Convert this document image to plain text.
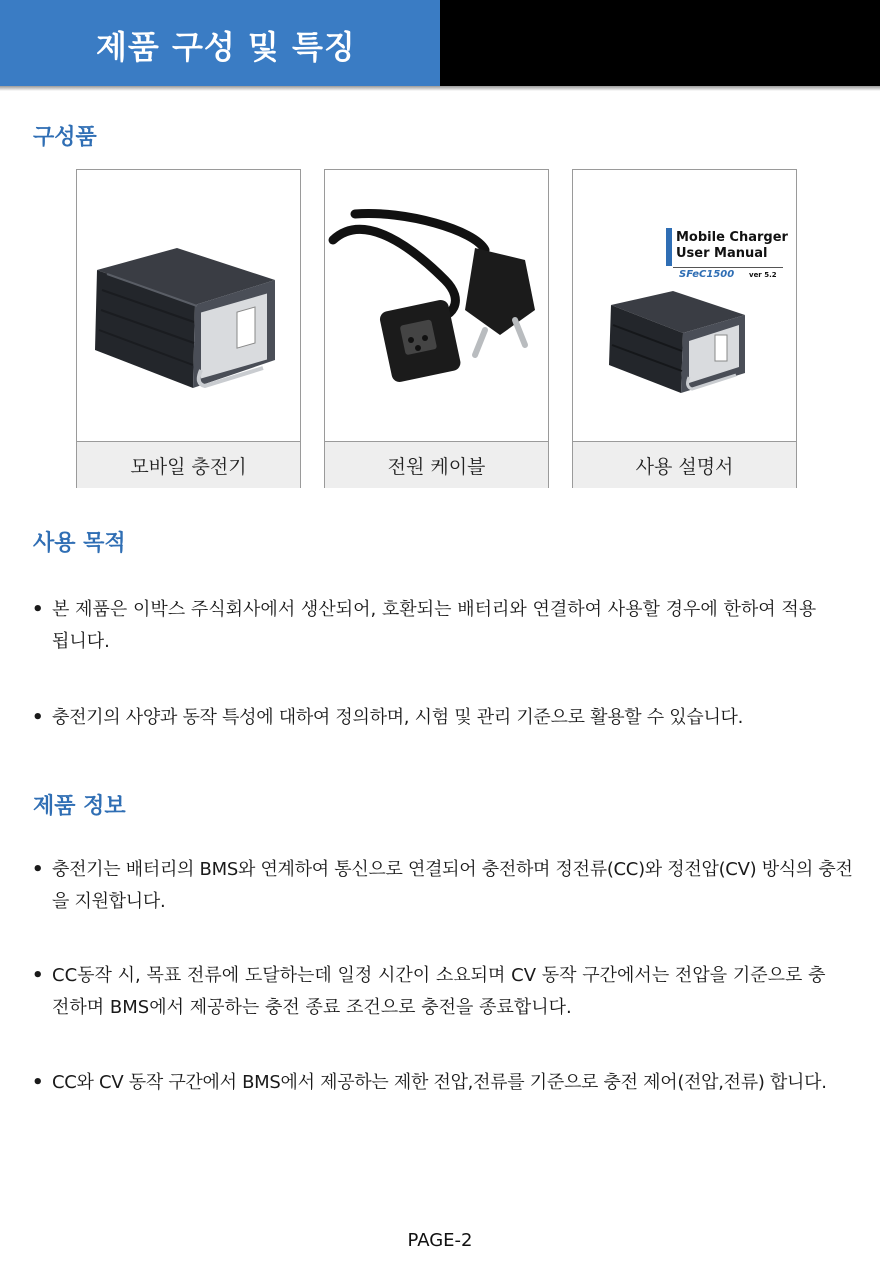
제품 구성 및 특징
구성품
모바일 충전기	전원 케이블
Mobile Charger
User Manual
SFeC1500 ver 5.2
사용 설명서
사용 목적

• 본 제품은 이박스 주식회사에서 생산되어, 호환되는 배터리와 연결하여 사용할 경우에 한하여 적용됩니다.

• 충전기의 사양과 동작 특성에 대하여 정의하며, 시험 및 관리 기준으로 활용할 수 있습니다.

제품 정보

• 충전기는 배터리의 BMS와 연계하여 통신으로 연결되어 충전하며 정전류(CC)와 정전압(CV) 방식의 충전을 지원합니다.

• CC동작 시, 목표 전류에 도달하는데 일정 시간이 소요되며 CV 동작 구간에서는 전압을 기준으로 충전하며 BMS에서 제공하는 충전 종료 조건으로 충전을 종료합니다.

• CC와 CV 동작 구간에서 BMS에서 제공하는 제한 전압,전류를 기준으로 충전 제어(전압,전류) 합니다.

PAGE-2
